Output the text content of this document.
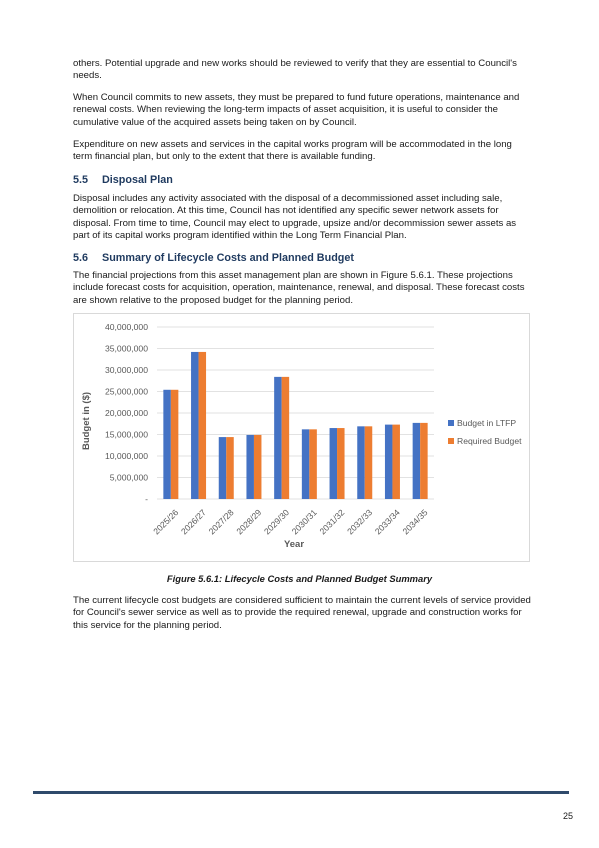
others. Potential upgrade and new works should be reviewed to verify that they are essential to Council's needs.

When Council commits to new assets, they must be prepared to fund future operations, maintenance and renewal costs. When reviewing the long-term impacts of asset acquisition, it is useful to consider the cumulative value of the acquired assets being taken on by Council.

Expenditure on new assets and services in the capital works program will be accommodated in the long term financial plan, but only to the extent that there is available funding.

5.5 Disposal Plan

Disposal includes any activity associated with the disposal of a decommissioned asset including sale, demolition or relocation. At this time, Council has not identified any specific sewer network assets for disposal. From time to time, Council may elect to upgrade, upsize and/or decommission sewer assets as part of its capital works program identified within the Long Term Financial Plan.

5.6 Summary of Lifecycle Costs and Planned Budget

The financial projections from this asset management plan are shown in Figure 5.6.1. These projections include forecast costs for acquisition, operation, maintenance, renewal, and disposal. These forecast costs are shown relative to the proposed budget for the planning period.

-
5,000,000
10,000,000
15,000,000
20,000,000
25,000,000
30,000,000
35,000,000
40,000,000
2025/26
2026/27
2027/28
2028/29
2029/30
2030/31
2031/32
2032/33
2033/34
2034/35
Budget in ($)
Year
Budget in LTFP
Required Budget

Figure 5.6.1: Lifecycle Costs and Planned Budget Summary

The current lifecycle cost budgets are considered sufficient to maintain the current levels of service provided for Council's sewer service as well as to provide the required renewal, upgrade and construction works for this service for the planning period.

25
